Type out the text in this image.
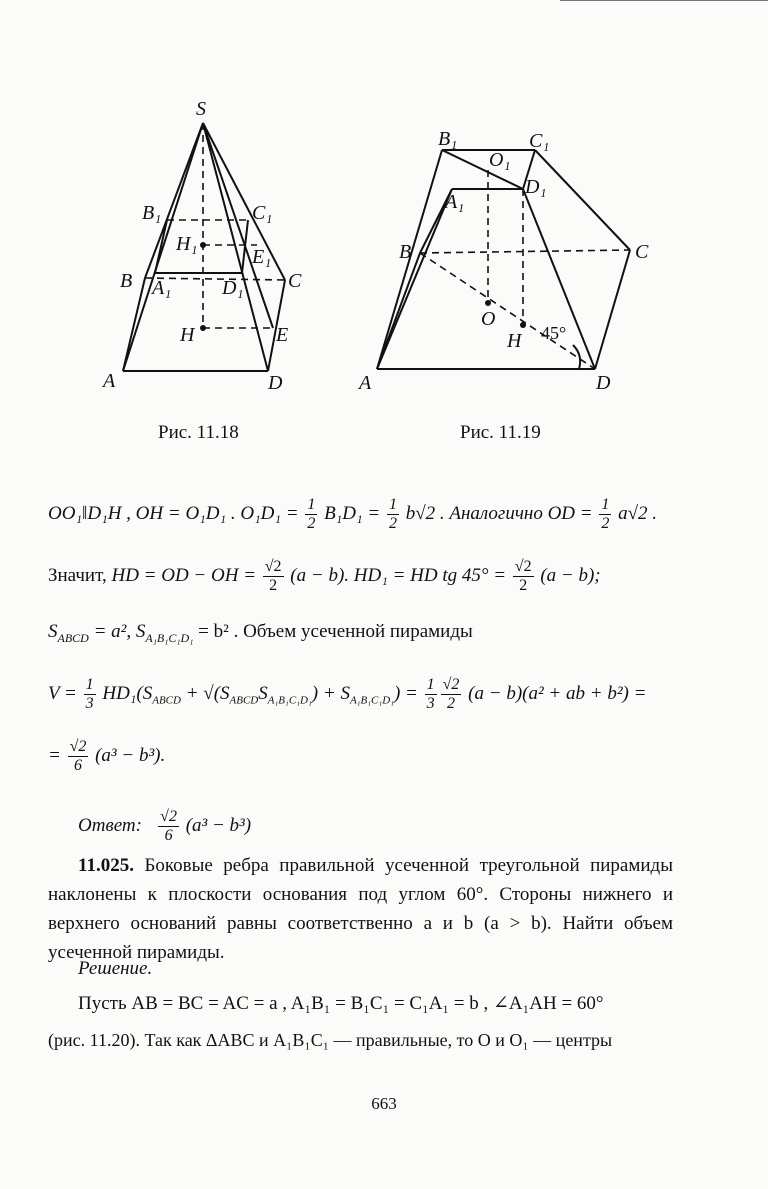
S
B₁	C₁
H₁
E₁
B A₁	D₁ C
H	E
A	D
Рис. 11.18
B₁	C₁
O₁
D₁
A₁
B	C
O
H 45°
A	D
Рис. 11.19
OO₁‖D₁H , OH = O₁D₁ . $O_1D_1 = \frac{1}{2} B_1D_1 = \frac{1}{2} b√2$ . Аналогично OD = $\frac{1}{2} a√2$ .
Значит, HD = OD − OH = $\frac{√2}{2} (a - b)$. HD₁ = HD tg $45^\circ = \frac{√2}{2} (a - b)$;
$S_{ABCD} = a^2$, $S_{A_1B_1C_1D_1} = b^2$ . Объем усеченной пирамиды
$V = \frac{1}{3} HD_1(S_{ABCD} + √(S_{ABCD}S_{A_1B_1C_1D_1}) + S_{A_1B_1C_1D_1}) = \frac{1}{3} \frac{√2}{2} (a - b)(a^2$ + ab + b²) =
= $\frac{√2}{6} (a^3 - b^3)$.
Ответ: $\frac{√2}{6} (a^3 - b^3)$
11.025. Боковые ребра правильной усеченной треугольной пирамиды наклонены к плоскости основания под углом 60°. Стороны нижнего и верхнего оснований равны соответственно a и b (a > b). Найти объем усеченной пирамиды.
Решение.
Пусть AB = BC = AC = a , A₁B₁ = B₁C₁ = C₁A₁ = b , ∠A₁AH = 60°
(рис. 11.20). Так как ΔABC и A₁B₁C₁ — правильные, то O и O₁ — центры
663
